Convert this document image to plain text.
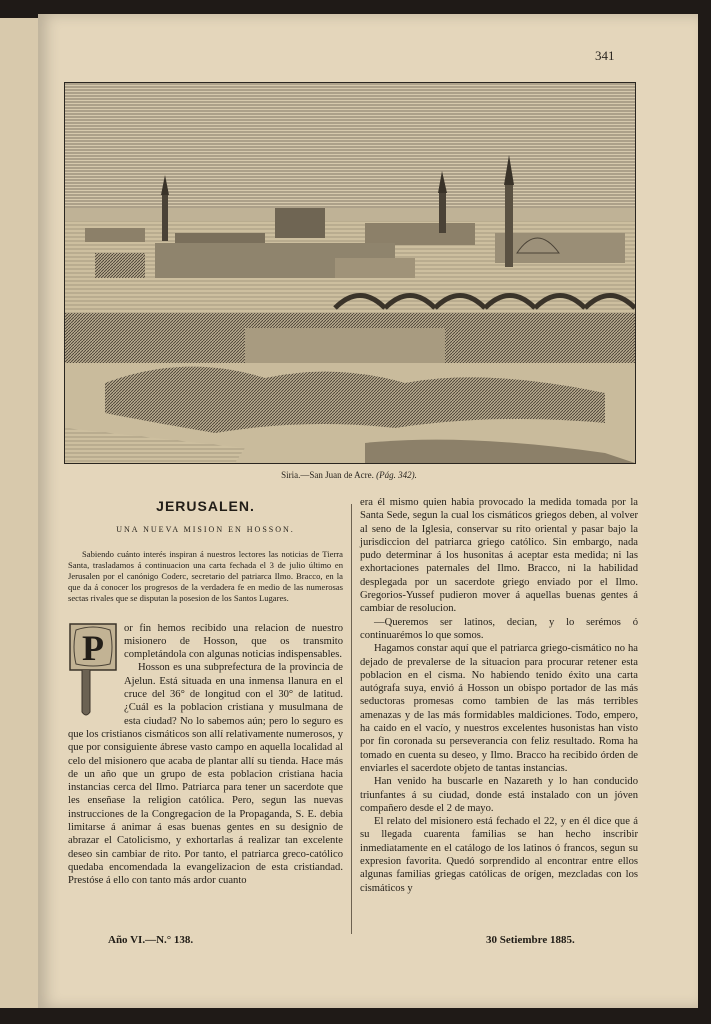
341
Siria.—San Juan de Acre. (Pág. 342).
JERUSALEN.
UNA NUEVA MISION EN HOSSON.

Sabiendo cuánto interés inspiran á nuestros lectores las noticias de Tierra Santa, trasladamos á continuacion una carta fechada el 3 de julio último en Jerusalen por el canónigo Coderc, secretario del patriarca Ilmo. Bracco, en la que da á conocer los progresos de la verdadera fe en medio de las numerosas sectas rivales que se disputan la posesion de los Santos Lugares.

P	or fin hemos recibido una relacion de nuestro misionero de Hosson, que os transmito completándola con algunas noticias indispensables.

Hosson es una subprefectura de la provincia de Ajelun. Está situada en una inmensa llanura en el cruce del 36° de longitud con el 30° de latitud. ¿Cuál es la poblacion cristiana y musulmana de esta ciudad? No lo sabemos aún; pero lo seguro es que los cristianos cismáticos son allí relativamente numerosos, y que por consiguiente ábrese vasto campo en aquella localidad al celo del misionero que acaba de plantar allí su tienda. Hace más de un año que un grupo de esta poblacion cristiana hacia instancias cerca del Ilmo. Patriarca para tener un sacerdote que les enseñase la religion católica. Pero, segun las nuevas instrucciones de la Congregacion de la Propaganda, S. E. debia limitarse á animar á esas buenas gentes en su designio de abrazar el Catolicismo, y exhortarlas á realizar tan excelente deseo sin cambiar de rito. Por tanto, el patriarca greco-católico quedaba encomendada la evangelizacion de esta cristiandad. Prestóse á ello con tanto más ardor cuanto

era él mismo quien habia provocado la medida tomada por la Santa Sede, segun la cual los cismáticos griegos deben, al volver al seno de la Iglesia, conservar su rito oriental y pasar bajo la jurisdiccion del patriarca griego católico. Sin embargo, nada pudo determinar á los husonitas á aceptar esta medida; ni las exhortaciones paternales del Ilmo. Bracco, ni la habilidad desplegada por un sacerdote griego enviado por el Ilmo. Gregorios-Yussef pudieron mover á aquellas buenas gentes á cambiar de resolucion.

—Queremos ser latinos, decian, y lo serémos ó continuarémos lo que somos.

Hagamos constar aquí que el patriarca griego-cismático no ha dejado de prevalerse de la situacion para procurar retener esta poblacion en el cisma. No habiendo tenido éxito una carta autógrafa suya, envió á Hosson un obispo portador de las más seductoras promesas como tambien de las más terribles amenazas y de las más formidables maldiciones. Todo, empero, ha caido en el vacío, y nuestros excelentes husonistas han visto por fin coronada su perseverancia con feliz resultado. Roma ha tomado en cuenta su deseo, y Ilmo. Bracco ha recibido órden de enviarles el sacerdote objeto de tantas instancias.

Han venido ha buscarle en Nazareth y lo han conducido triunfantes á su ciudad, donde está instalado con un jóven compañero desde el 2 de mayo.

El relato del misionero está fechado el 22, y en él dice que á su llegada cuarenta familias se han hecho inscribir inmediatamente en el catálogo de los latinos ó francos, segun su expresion favorita. Quedó sorprendido al encontrar entre ellos algunas familias griegas católicas de orígen, mezcladas con los cismáticos y

Año VI.—N.° 138.	30 Setiembre 1885.
